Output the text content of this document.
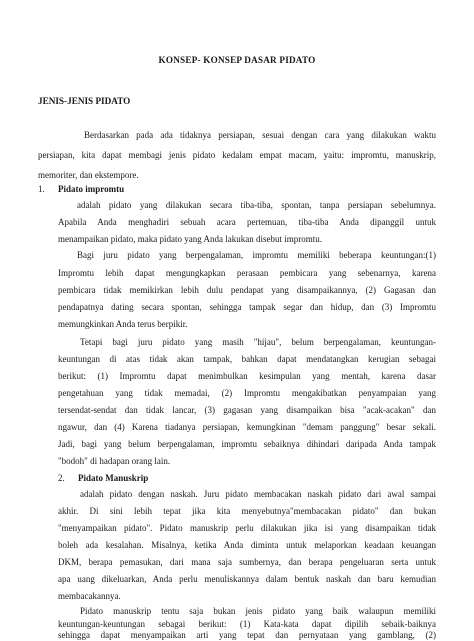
KONSEP- KONSEP DASAR PIDATO
JENIS-JENIS PIDATO
Berdasarkan pada ada tidaknya persiapan, sesuai dengan cara yang dilakukan waktu
persiapan, kita dapat membagi jenis pidato kedalam empat macam, yaitu: impromtu, manuskrip,
memoriter, dan ekstempore.
1. Pidato impromtu
adalah pidato yang dilakukan secara tiba-tiba, spontan, tanpa persiapan sebelumnya.
Apabila Anda menghadiri sebuah acara pertemuan, tiba-tiba Anda dipanggil untuk
menampaikan pidato, maka pidato yang Anda lakukan disebut impromtu.
Bagi juru pidato yang berpengalaman, impromtu memiliki beberapa keuntungan:(1)
Impromtu lebih dapat mengungkapkan perasaan pembicara yang sebenarnya, karena
pembicara tidak memikirkan lebih dulu pendapat yang disampaikannya, (2) Gagasan dan
pendapatnya dating secara spontan, sehingga tampak segar dan hidup, dan (3) Impromtu
memungkinkan Anda terus berpikir.
Tetapi bagi juru pidato yang masih "hijau", belum berpengalaman, keuntungan-
keuntungan di atas tidak akan tampak, bahkan dapat mendatangkan kerugian sebagai
berikut: (1) Impromtu dapat menimbulkan kesimpulan yang mentah, karena dasar
pengetahuan yang tidak memadai, (2) Impromtu mengakibatkan penyampaian yang
tersendat-sendat dan tidak lancar, (3) gagasan yang disampaikan bisa "acak-acakan" dan
ngawur, dan (4) Karena tiadanya persiapan, kemungkinan "demam panggung" besar sekali.
Jadi, bagi yang belum berpengalaman, impromtu sebaiknya dihindari daripada Anda tampak
"bodoh" di hadapan orang lain.
2. Pidato Manuskrip
adalah pidato dengan naskah. Juru pidato membacakan naskah pidato dari awal sampai
akhir. Di sini lebih tepat jika kita menyebutnya"membacakan pidato" dan bukan
"menyampaikan pidato". Pidato manuskrip perlu dilakukan jika isi yang disampaikan tidak
boleh ada kesalahan. Misalnya, ketika Anda diminta untuk melaporkan keadaan keuangan
DKM, berapa pemasukan, dari mana saja sumbernya, dan berapa pengeluaran serta untuk
apa uang dikeluarkan, Anda perlu menuliskannya dalam bentuk naskah dan baru kemudian
membacakannya.
Pidato manuskrip tentu saja bukan jenis pidato yang baik walaupun memiliki
keuntungan-keuntungan sebagai berikut: (1) Kata-kata dapat dipilih sebaik-baiknya
sehingga dapat menyampaikan arti yang tepat dan pernyataan yang gamblang, (2)
